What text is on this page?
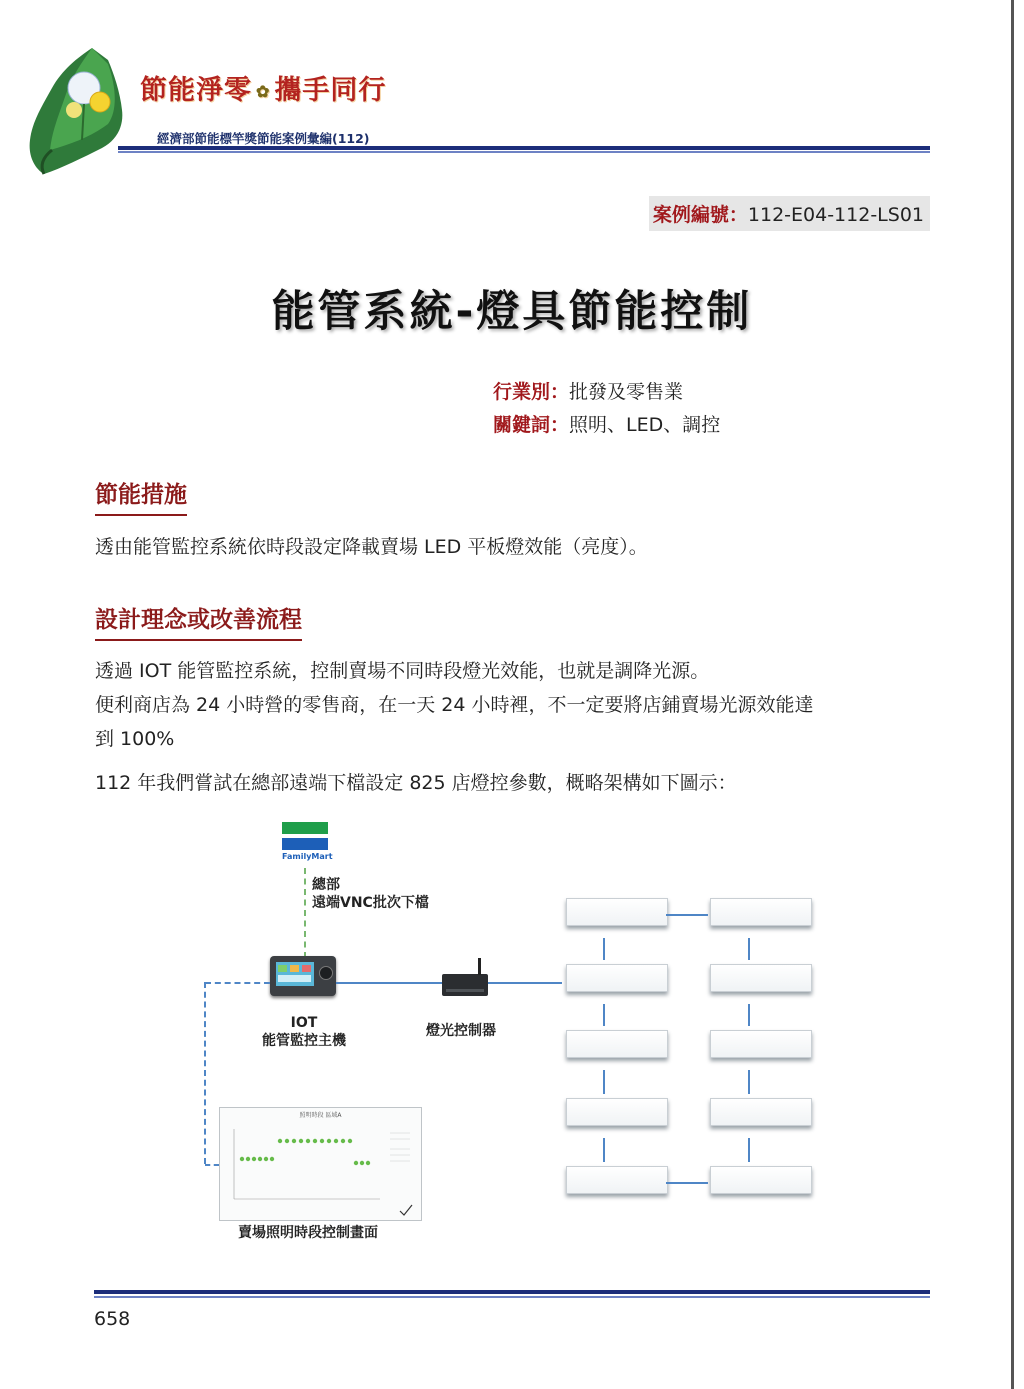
節能淨零 ✿ 攜手同行
經濟部節能標竿獎節能案例彙編(112)
案例編號：112-E04-112-LS01
能管系統-燈具節能控制
行業別：批發及零售業
關鍵詞：照明、LED、調控
節能措施
透由能管監控系統依時段設定降載賣場 LED 平板燈效能（亮度）。
設計理念或改善流程
透過 IOT 能管監控系統，控制賣場不同時段燈光效能，也就是調降光源。
便利商店為 24 小時營的零售商，在一天 24 小時裡，不一定要將店鋪賣場光源效能達
到 100%
112 年我們嘗試在總部遠端下檔設定 825 店燈控參數，概略架構如下圖示：
FamilyMart
總部
遠端VNC批次下檔
IOT
能管監控主機
燈光控制器
照明時段 區域A
賣場照明時段控制畫面
658
